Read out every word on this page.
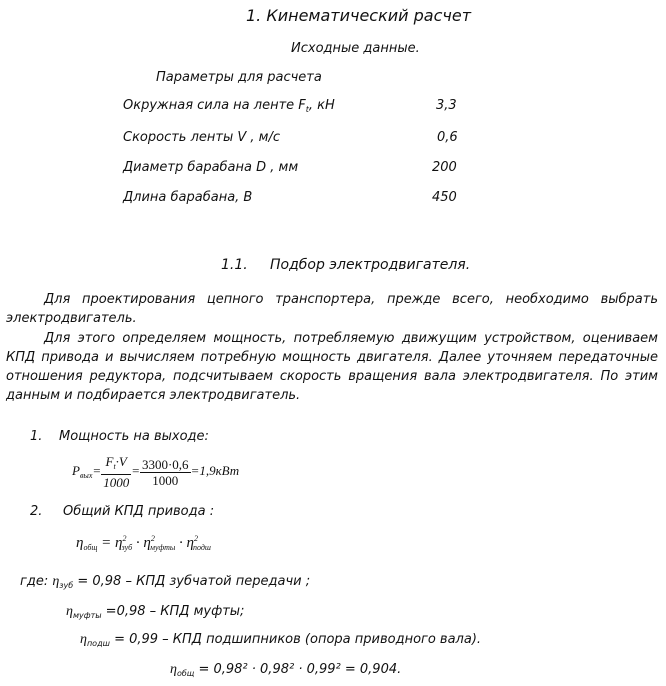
1. Кинематический расчет
Исходные данные.
Параметры для расчета
Окружная сила на ленте $F_t$, кН	3,3
Скорость ленты V , м/с	0,6
Диаметр барабана D , мм	200
Длина барабана, В	450
1.1. Подбор электродвигателя.
Для проектирования цепного транспортера, прежде всего, необходимо выбрать электродвигатель.
Для этого определяем мощность, потребляемую движущим устройством, оцениваем КПД привода и вычисляем потребную мощность двигателя. Далее уточняем передаточные отношения редуктора, подсчитываем скорость вращения вала электродвигателя. По этим данным и подбирается электродвигатель.
1. Мощность на выходе:
$P_{вых}= \frac{F_t\cdot V}{1000} = \frac{3300\cdot 0,6}{1000} =1,9кВт$
2. Общий КПД привода :
$\eta_{общ} = \eta^2_{зуб} \cdot \eta^2_{муфты} \cdot \eta^2_{подш}$
где: $\eta_{зуб} = 0,98$ – КПД зубчатой передачи ;
$\eta_{муфты} =0,98$ – КПД муфты;
$\eta_{подш} = 0,99$ – КПД подшипников (опора приводного вала).
$\eta_{общ} = 0,98^2 \cdot 0,98^2 \cdot 0,99^2 = 0,904$.
